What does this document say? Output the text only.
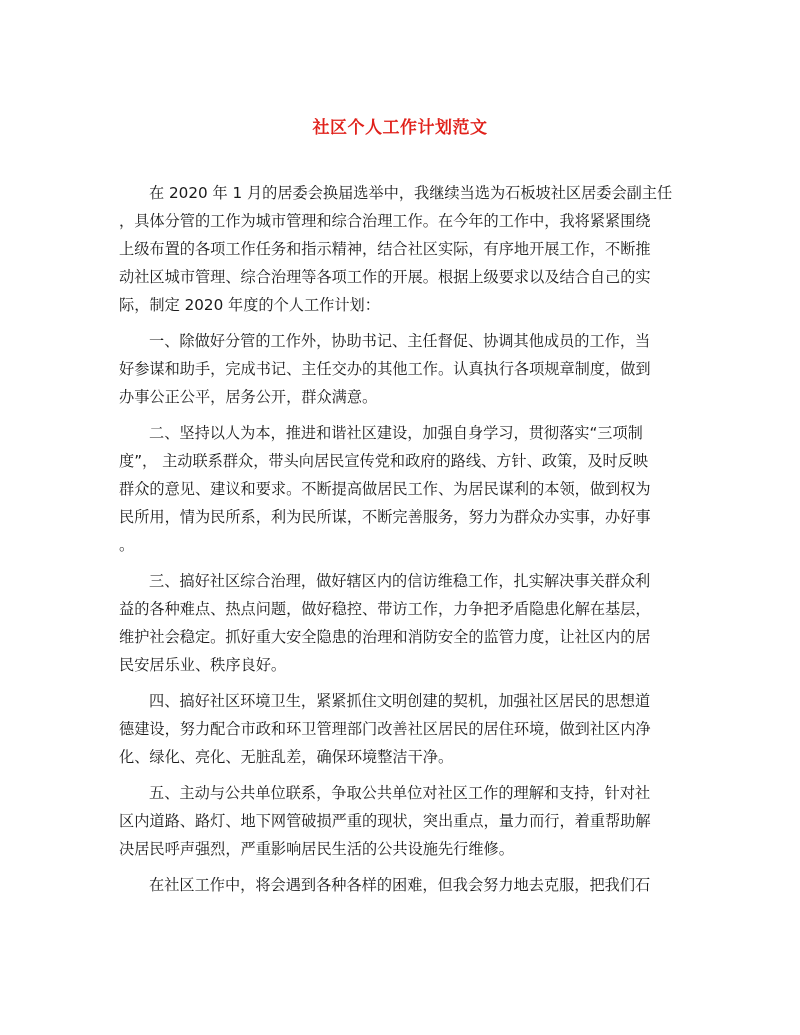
社区个人工作计划范文
在 2020 年 1 月的居委会换届选举中，我继续当选为石板坡社区居委会副主任
，具体分管的工作为城市管理和综合治理工作。在今年的工作中，我将紧紧围绕
上级布置的各项工作任务和指示精神，结合社区实际，有序地开展工作，不断推
动社区城市管理、综合治理等各项工作的开展。根据上级要求以及结合自己的实
际，制定 2020 年度的个人工作计划：
一、除做好分管的工作外，协助书记、主任督促、协调其他成员的工作，当
好参谋和助手，完成书记、主任交办的其他工作。认真执行各项规章制度，做到
办事公正公平，居务公开，群众满意。
二、坚持以人为本，推进和谐社区建设，加强自身学习，贯彻落实“三项制
度”， 主动联系群众，带头向居民宣传党和政府的路线、方针、政策，及时反映
群众的意见、建议和要求。不断提高做居民工作、为居民谋利的本领，做到权为
民所用，情为民所系，利为民所谋，不断完善服务，努力为群众办实事，办好事
。
三、搞好社区综合治理，做好辖区内的信访维稳工作，扎实解决事关群众利
益的各种难点、热点问题，做好稳控、带访工作，力争把矛盾隐患化解在基层，
维护社会稳定。抓好重大安全隐患的治理和消防安全的监管力度，让社区内的居
民安居乐业、秩序良好。
四、搞好社区环境卫生，紧紧抓住文明创建的契机，加强社区居民的思想道
德建设，努力配合市政和环卫管理部门改善社区居民的居住环境，做到社区内净
化、绿化、亮化、无脏乱差，确保环境整洁干净。
五、主动与公共单位联系，争取公共单位对社区工作的理解和支持，针对社
区内道路、路灯、地下网管破损严重的现状，突出重点，量力而行，着重帮助解
决居民呼声强烈，严重影响居民生活的公共设施先行维修。
在社区工作中，将会遇到各种各样的困难，但我会努力地去克服，把我们石
